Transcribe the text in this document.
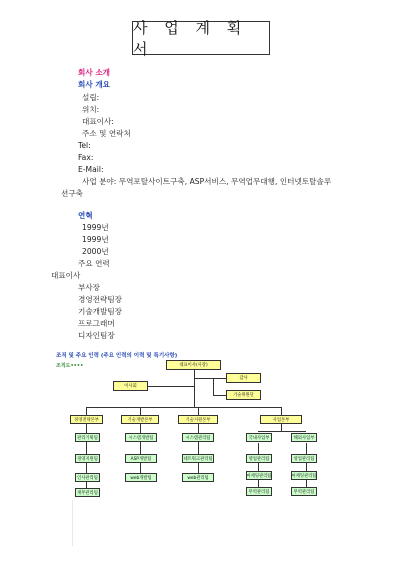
사 업 계 획 서
회사 소개
회사 개요
설립:
위치:
대표이사:
주소 및 연락처
Tel:
Fax:
E-Mail:
사업 분야: 무역포탈사이트구축, ASP서비스, 무역업무대행, 인터넷토탈솔루
션구축
연혁
1999년
1999년
2000년
주요 연력
대표이사
부사장
경영전략팀장
기술개발팀장
프로그래머
디자인팀장
조직 및 주요 인력 (주요 인력의 이력 및 특기사항)
조직도••••	대표이사(사장)
감사
기술위원단
이사회
경영전략본부	기술개발본부	기술지원본부	사업본부
관리기획팀
경영지원팀
인사관리팀
재무관리팀
시스템개발팀
ASP개발팀
web개발팀
시스템관리팀
네트워크관리팀
web관리팀
국내사업부	해외사업부
영업관리팀
마케팅관리팀
무역관리팀
영업관리팀
마케팅관리팀
무역관리팀
